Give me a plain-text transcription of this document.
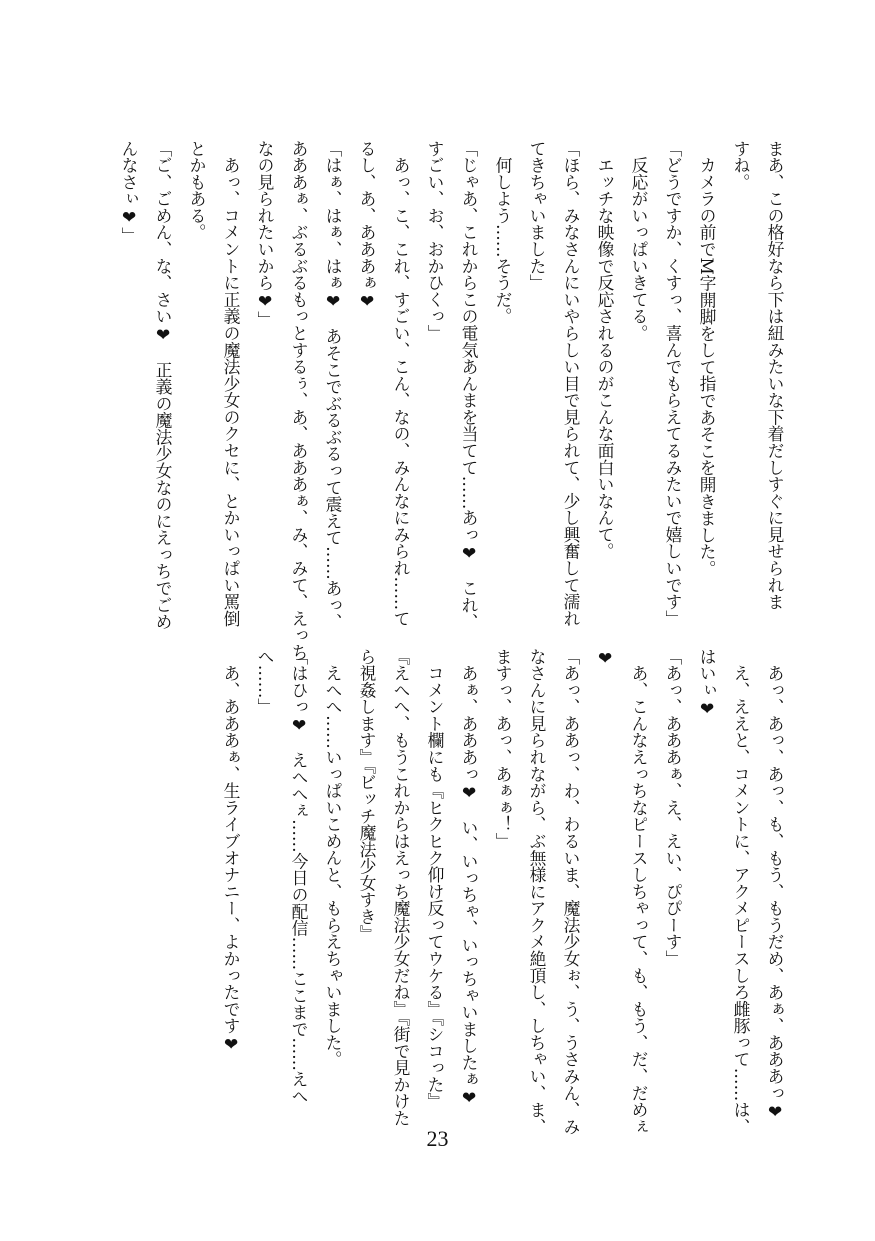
まあ、この格好なら下は紐みたいな下着だしすぐに見せられま
すね。
　カメラの前でM字開脚をして指であそこを開きました。
「どうですか、くすっ、喜んでもらえてるみたいで嬉しいです」
　反応がいっぱいきてる。
　エッチな映像で反応されるのがこんな面白いなんて。
「ほら、みなさんにいやらしい目で見られて、少し興奮して濡れ
てきちゃいました」
　何しよう……そうだ。
「じゃあ、これからこの電気あんまを当てて……あっ❤　これ、
すごい、お、おかひくっ」
　あっ、こ、これ、すごい、こん、なの、みんなにみられ……て
るし、あ、あああぁ❤
「はぁ、はぁ、はぁ❤　あそこでぶるぶるって震えて……あっ、
あああぁ、ぶるぶるもっとするぅ、あ、あああぁ、み、みて、えっち
なの見られたいから❤」
　あっ、コメントに正義の魔法少女のクセに、とかいっぱい罵倒
とかもある。
「ご、ごめん、な、さい❤　正義の魔法少女なのにえっちでごめ
んなさぃ❤」
　あっ、あっ、あっ、も、もう、もうだめ、あぁ、あああっ❤
　え、ええと、コメントに、アクメピースしろ雌豚って……は、
はいぃ❤
「あっ、あああぁ、え、えい、ぴぴーす」
　あ、こんなえっちなピースしちゃって、も、もう、だ、だめぇ
❤
「あっ、ああっ、わ、わるいま、魔法少女ぉ、う、うさみん、み
なさんに見られながら、ぶ無様にアクメ絶頂し、しちゃい、ま、
ますっ、あっ、あぁぁ！」
　あぁ、あああっ❤　い、いっちゃ、いっちゃいましたぁ❤
　コメント欄にも『ヒクヒク仰け反ってウケる』『シコった』
『えへへ、もうこれからはえっち魔法少女だね』『街で見かけた
ら視姦します』『ビッチ魔法少女すき』
　えへへ……いっぱいこめんと、もらえちゃいました。
「はひっ❤　えへへぇ……今日の配信……ここまで……えへ
へ……」
　あ、あああぁ、生ライブオナニー、よかったです❤
23
